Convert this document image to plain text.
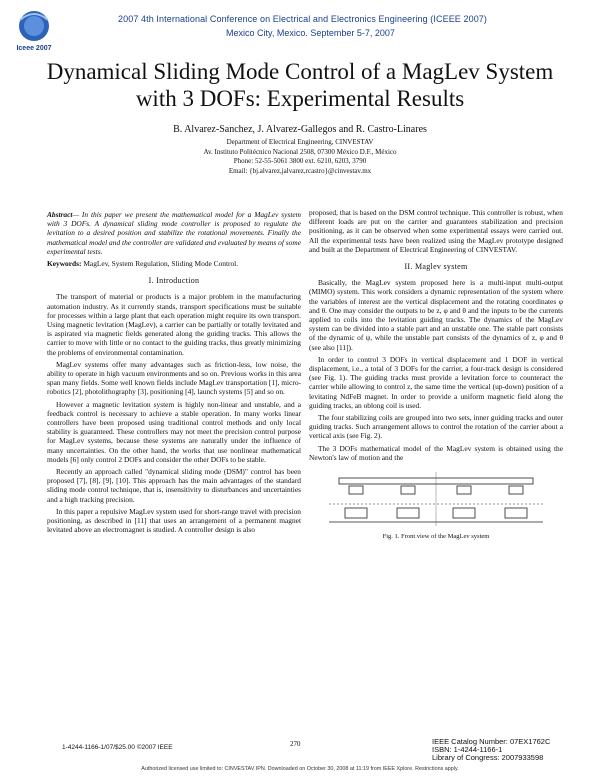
Iceee 2007
2007 4th International Conference on Electrical and Electronics Engineering (ICEEE 2007)
Mexico City, Mexico. September 5-7, 2007
Dynamical Sliding Mode Control of a MagLev System with 3 DOFs: Experimental Results
B. Alvarez-Sanchez, J. Alvarez-Gallegos and R. Castro-Linares
Department of Electrical Engineering, CINVESTAV
Av. Instituto Politécnico Nacional 2508, 07300 México D.F., México
Phone: 52-55-5061 3800 ext. 6210, 6203, 3790
Email: {bj.alvarez,jalvarez,rcastro}@cinvestav.mx

Abstract— In this paper we present the mathematical model for a MagLev system with 3 DOFs. A dynamical sliding mode controller is proposed to regulate the levitation to a desired position and stabilize the rotational movements. Finally the mathematical model and the controller are validated and evaluated by means of some experimental tests.

Keywords: MagLev, System Regulation, Sliding Mode Control.

I. Introduction

The transport of material or products is a major problem in the manufacturing automation industry. As it currently stands, transport specifications must be suitable for processes within a large plant that each operation might require its own transport. Using magnetic levitation (MagLev), a carrier can be partially or totally levitated and is aspirated via magnetic fields generated along the guiding tracks. This allows the carrier to move with little or no contact to the guiding tracks, thus greatly minimizing the problems of environmental contamination.

MagLev systems offer many advantages such as friction-less, low noise, the ability to operate in high vacuum environments and so on. Previous works in this area span many fields. Some well known fields include MagLev transportation [1], micro-robotics [2], photolithography [3], positioning [4], launch systems [5] and so on.

However a magnetic levitation system is highly non-linear and unstable, and a feedback control is necessary to achieve a stable operation. In many works linear controllers have been proposed using traditional control methods and only local stability is guaranteed. These controllers may not meet the precision control purpose for MagLev systems, because these systems are naturally under the influence of many uncertainties. On the other hand, the works that use nonlinear mathematical models [6] only control 2 DOFs and consider the other DOFs to be stable.

Recently an approach called "dynamical sliding mode (DSM)" control has been proposed [7], [8], [9], [10]. This approach has the main advantages of the standard sliding mode control technique, that is, insensitivity to disturbances and uncertainties and a high tracking precision.

In this paper a repulsive MagLev system used for short-range travel with precision positioning, as described in [11] that uses an arrangement of a permanent magnet levitated above an electromagnet is studied. A controller design is also

proposed, that is based on the DSM control technique. This controller is robust, when different loads are put on the carrier and guarantees stabilization and precision positioning, as it can be observed when some experimental essays were carried out. All the experimental tests have been realized using the MagLev prototype designed and built at the Department of Electrical Engineering of CINVESTAV.

II. Maglev system

Basically, the MagLev system proposed here is a multi-input multi-output (MIMO) system. This work considers a dynamic representation of the system where the variables of interest are the vertical displacement and the rotating coordinates φ and θ. One may consider the outputs to be z, φ and θ and the inputs to be the currents applied to coils into the levitation guiding tracks. The dynamics of the MagLev system can be divided into a stable part and an unstable one. The stable part consists of the dynamic of ψ, while the unstable part consists of the dynamics of z, φ and θ (see also [11]).

In order to control 3 DOFs in vertical displacement and 1 DOF in vertical displacement, i.e., a total of 3 DOFs for the carrier, a four-track design is considered (see Fig. 1). The guiding tracks must provide a levitation force to counteract the carrier while allowing to control z, the same time the vertical (up-down) position of a levitating NdFeB magnet. In order to provide a uniform magnetic field along the guiding tracks, an oblong coil is used.

The four stabilizing coils are grouped into two sets, inner guiding tracks and outer guiding tracks. Such arrangement allows to control the rotation of the carrier about a vertical axis (see Fig. 2).

The 3 DOFs mathematical model of the MagLev system is obtained using the Newton's law of motion and the

Fig. 1. Front view of the MagLev system
1-4244-1166-1/07/$25.00 ©2007 IEEE	270	IEEE Catalog Number: 07EX1762C
ISBN: 1-4244-1166-1
Library of Congress: 2007933598
Authorized licensed use limited to: CINVESTAV IPN. Downloaded on October 30, 2008 at 11:19 from IEEE Xplore. Restrictions apply.
